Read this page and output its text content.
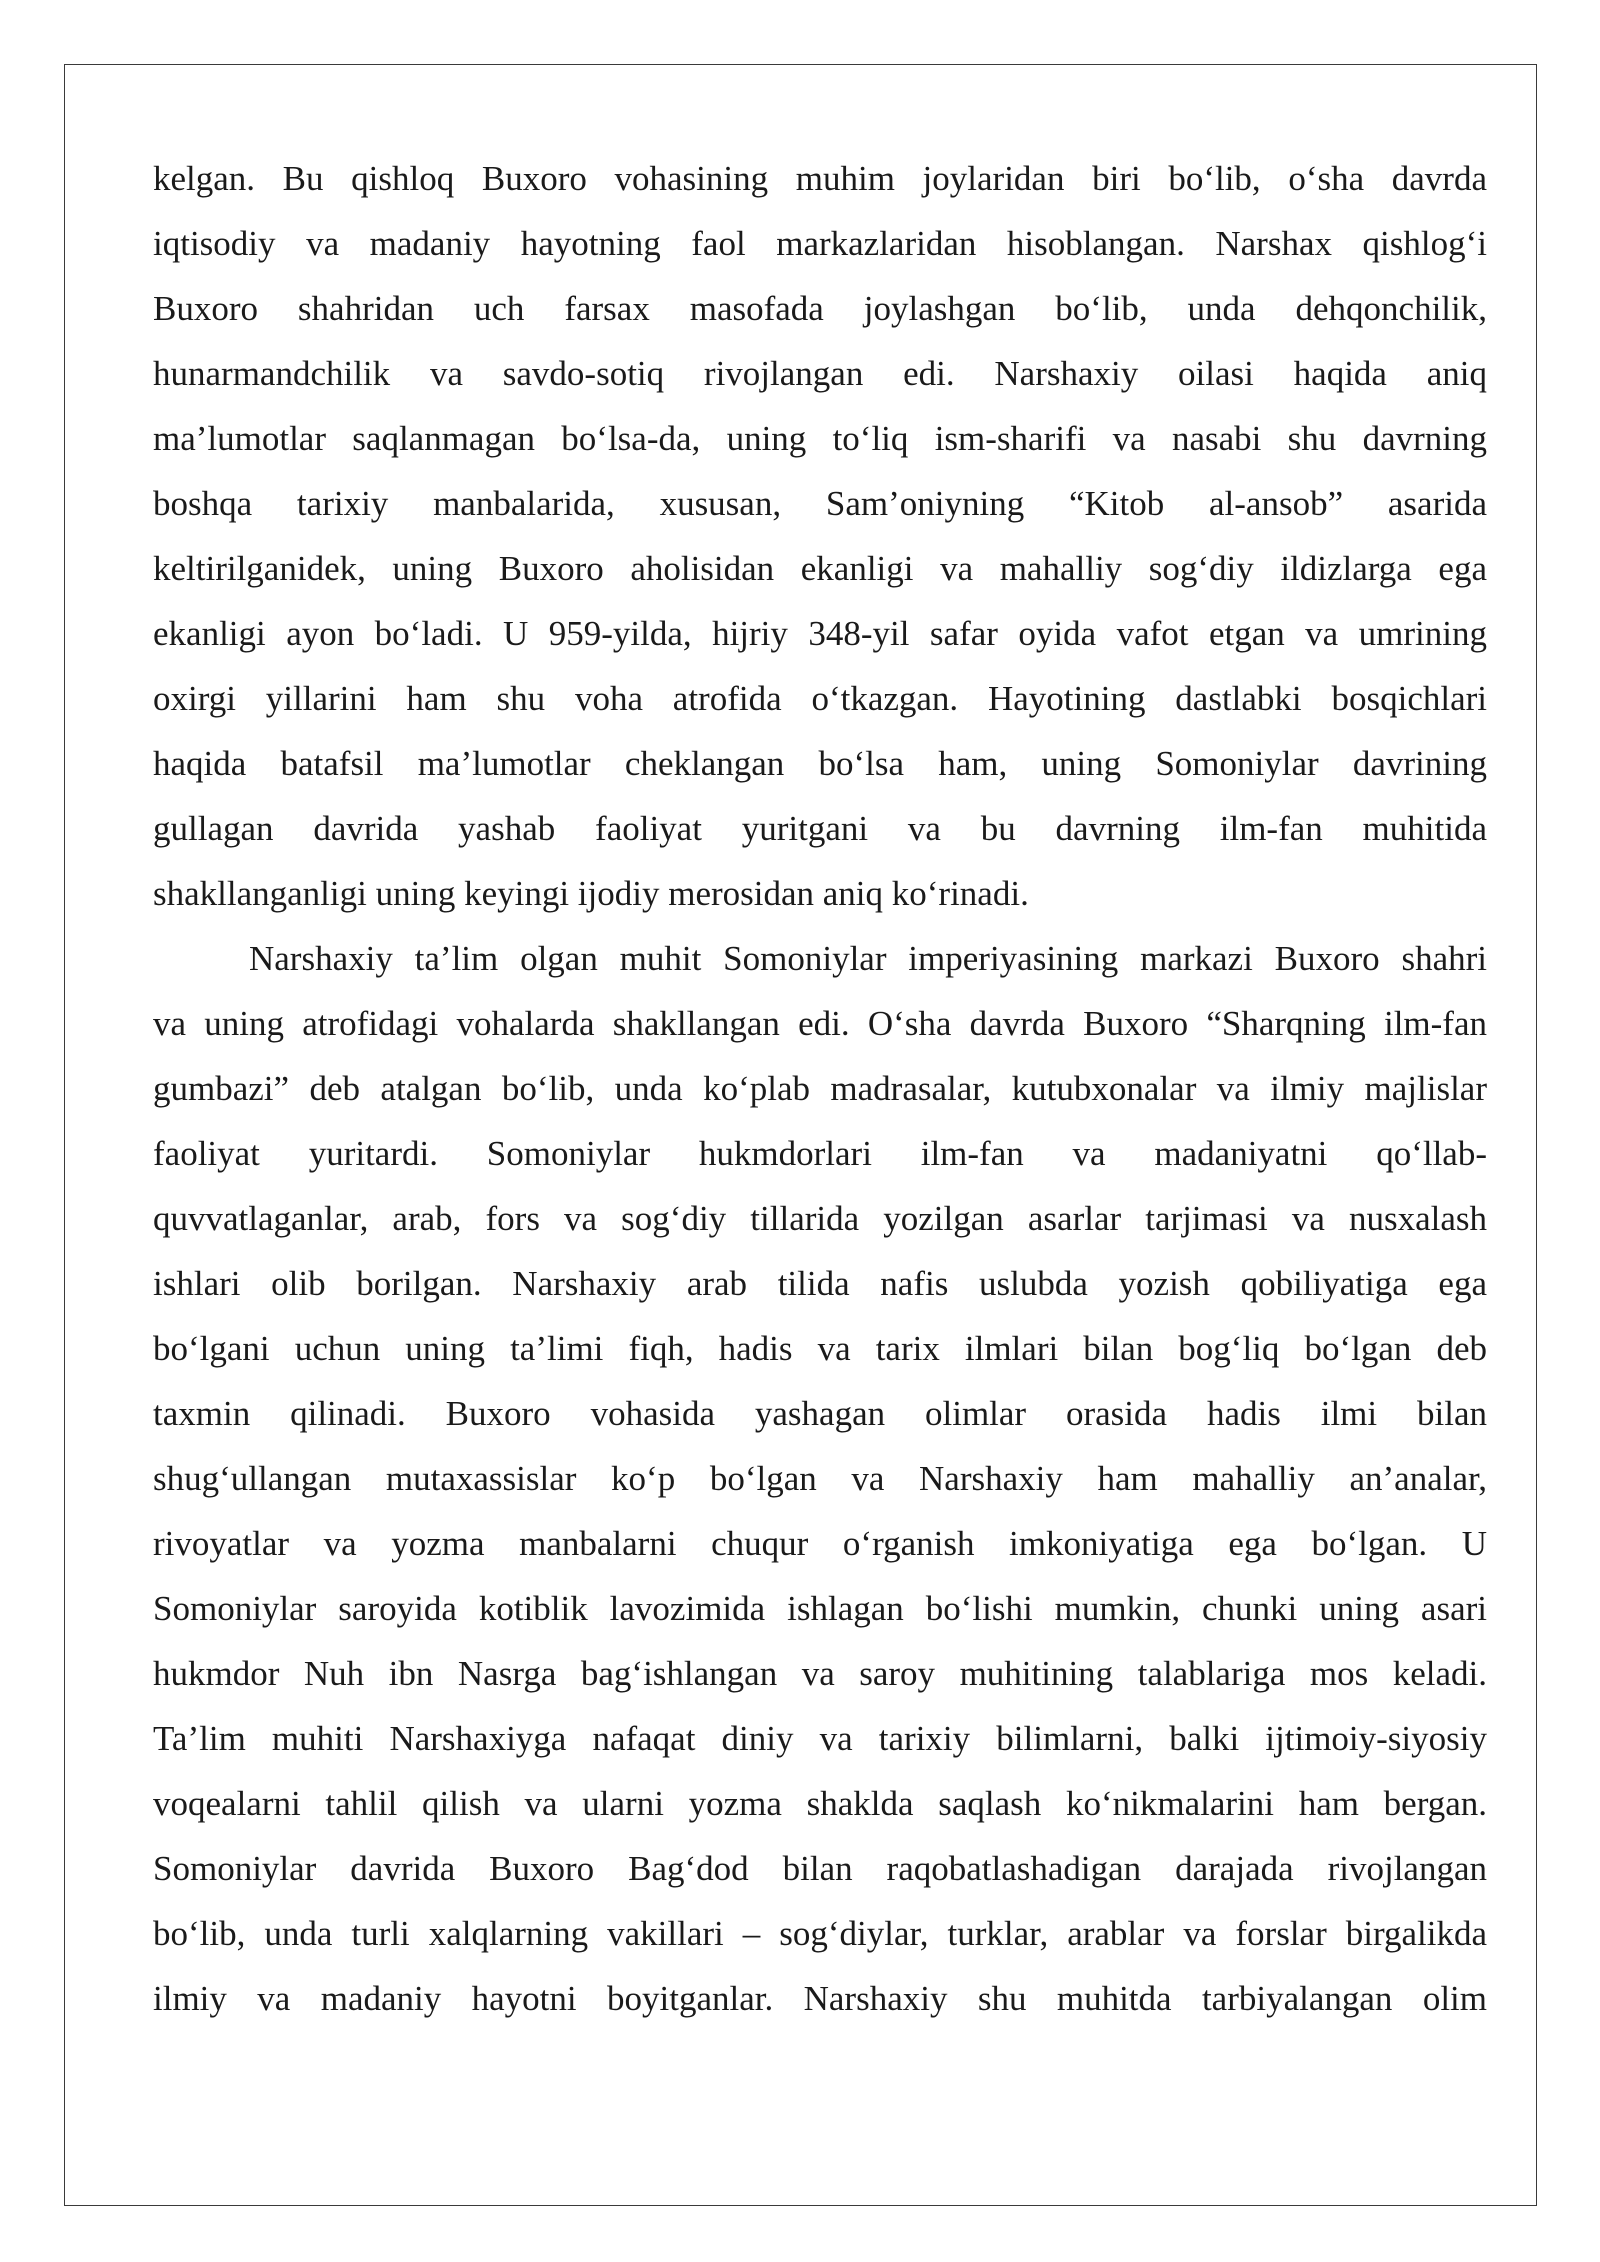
kelgan. Bu qishloq Buxoro vohasining muhim joylaridan biri bo‘lib, o‘sha davrda
iqtisodiy va madaniy hayotning faol markazlaridan hisoblangan. Narshax qishlog‘i
Buxoro shahridan uch farsax masofada joylashgan bo‘lib, unda dehqonchilik,
hunarmandchilik va savdo-sotiq rivojlangan edi. Narshaxiy oilasi haqida aniq
ma’lumotlar saqlanmagan bo‘lsa-da, uning to‘liq ism-sharifi va nasabi shu davrning
boshqa tarixiy manbalarida, xususan, Sam’oniyning “Kitob al-ansob” asarida
keltirilganidek, uning Buxoro aholisidan ekanligi va mahalliy sog‘diy ildizlarga ega
ekanligi ayon bo‘ladi. U 959-yilda, hijriy 348-yil safar oyida vafot etgan va umrining
oxirgi yillarini ham shu voha atrofida o‘tkazgan. Hayotining dastlabki bosqichlari
haqida batafsil ma’lumotlar cheklangan bo‘lsa ham, uning Somoniylar davrining
gullagan davrida yashab faoliyat yuritgani va bu davrning ilm-fan muhitida
shakllanganligi uning keyingi ijodiy merosidan aniq ko‘rinadi.
Narshaxiy ta’lim olgan muhit Somoniylar imperiyasining markazi Buxoro shahri
va uning atrofidagi vohalarda shakllangan edi. O‘sha davrda Buxoro “Sharqning ilm-fan
gumbazi” deb atalgan bo‘lib, unda ko‘plab madrasalar, kutubxonalar va ilmiy majlislar
faoliyat yuritardi. Somoniylar hukmdorlari ilm-fan va madaniyatni qo‘llab-
quvvatlaganlar, arab, fors va sog‘diy tillarida yozilgan asarlar tarjimasi va nusxalash
ishlari olib borilgan. Narshaxiy arab tilida nafis uslubda yozish qobiliyatiga ega
bo‘lgani uchun uning ta’limi fiqh, hadis va tarix ilmlari bilan bog‘liq bo‘lgan deb
taxmin qilinadi. Buxoro vohasida yashagan olimlar orasida hadis ilmi bilan
shug‘ullangan mutaxassislar ko‘p bo‘lgan va Narshaxiy ham mahalliy an’analar,
rivoyatlar va yozma manbalarni chuqur o‘rganish imkoniyatiga ega bo‘lgan. U
Somoniylar saroyida kotiblik lavozimida ishlagan bo‘lishi mumkin, chunki uning asari
hukmdor Nuh ibn Nasrga bag‘ishlangan va saroy muhitining talablariga mos keladi.
Ta’lim muhiti Narshaxiyga nafaqat diniy va tarixiy bilimlarni, balki ijtimoiy-siyosiy
voqealarni tahlil qilish va ularni yozma shaklda saqlash ko‘nikmalarini ham bergan.
Somoniylar davrida Buxoro Bag‘dod bilan raqobatlashadigan darajada rivojlangan
bo‘lib, unda turli xalqlarning vakillari – sog‘diylar, turklar, arablar va forslar birgalikda
ilmiy va madaniy hayotni boyitganlar. Narshaxiy shu muhitda tarbiyalangan olim
